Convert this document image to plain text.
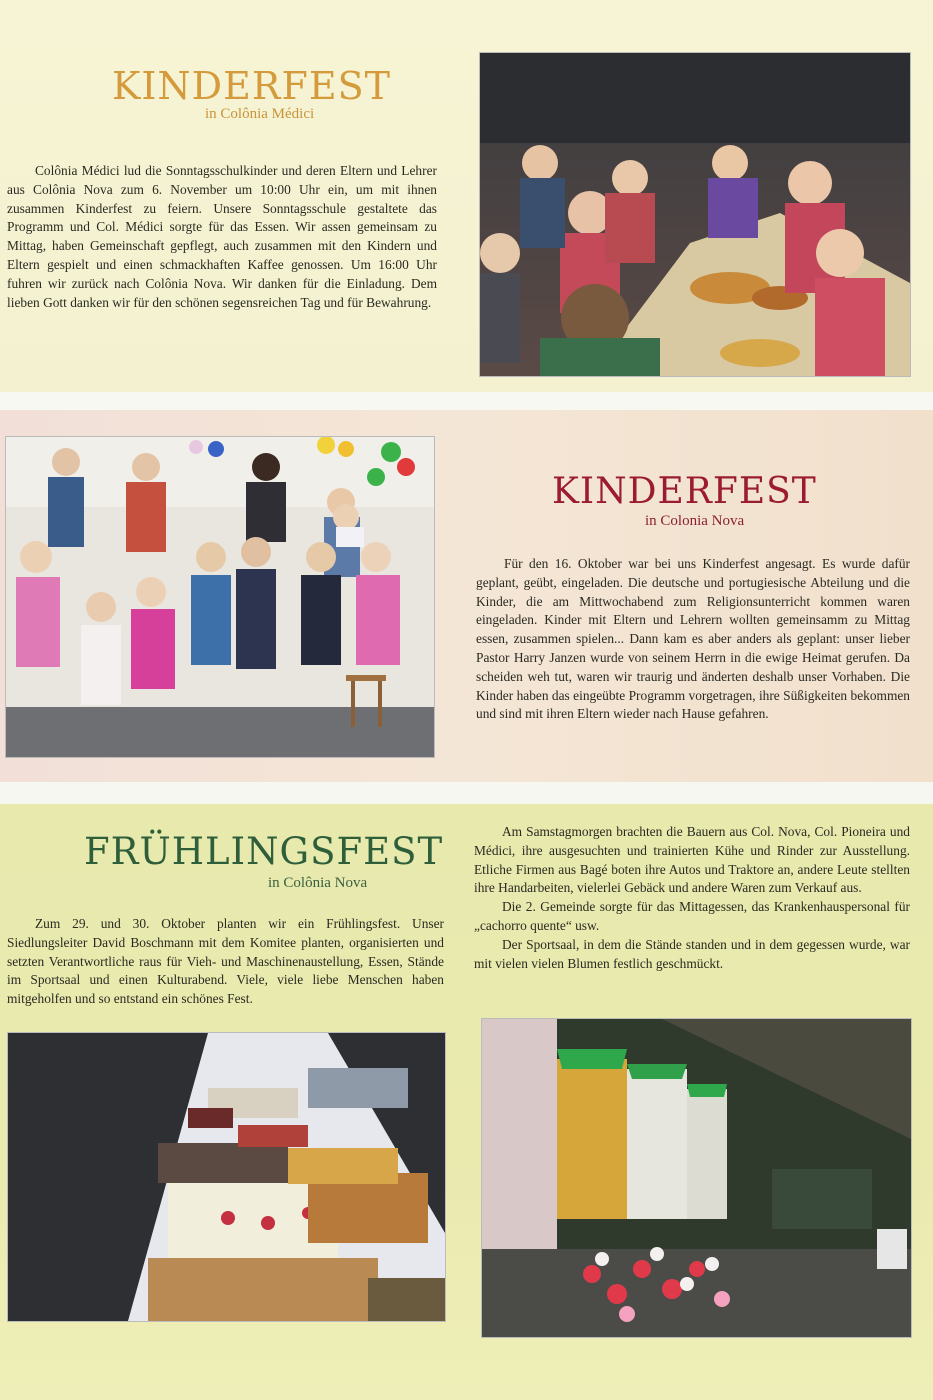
KINDERFEST
in Colônia Médici

Colônia Médici lud die Sonntagsschulkinder und deren Eltern und Lehrer aus Colônia Nova zum 6. November um 10:00 Uhr ein, um mit ihnen zusammen Kinderfest zu feiern. Unsere Sonntagsschule gestaltete das Programm und Col. Médici sorgte für das Essen. Wir assen gemeinsam zu Mittag, haben Gemeinschaft gepflegt, auch zusammen mit den Kindern und Eltern gespielt und einen schmackhaften Kaffee genossen. Um 16:00 Uhr fuhren wir zurück nach Colônia Nova. Wir danken für die Einladung. Dem lieben Gott danken wir für den schönen segensreichen Tag und für Bewahrung.

KINDERFEST
in Colonia Nova

Für den 16. Oktober war bei uns Kinderfest angesagt. Es wurde dafür geplant, geübt, eingeladen. Die deutsche und portugiesische Abteilung und die Kinder, die am Mittwochabend zum Religionsunterricht kommen waren eingeladen. Kinder mit Eltern und Lehrern wollten gemeinsamm zu Mittag essen, zusammen spielen... Dann kam es aber anders als geplant: unser lieber Pastor Harry Janzen wurde von seinem Herrn in die ewige Heimat gerufen. Da scheiden weh tut, waren wir traurig und änderten deshalb unser Vorhaben. Die Kinder haben das eingeübte Programm vorgetragen, ihre Süßigkeiten bekommen und sind mit ihren Eltern wieder nach Hause gefahren.

FRÜHLINGSFEST
in Colônia Nova

Zum 29. und 30. Oktober planten wir ein Frühlingsfest. Unser Siedlungsleiter David Boschmann mit dem Komitee planten, organisierten und setzten Verantwortliche raus für Vieh- und Maschinenaustellung, Essen, Stände im Sportsaal und einen Kulturabend. Viele, viele liebe Menschen haben mitgeholfen und so entstand ein schönes Fest.

Am Samstagmorgen brachten die Bauern aus Col. Nova, Col. Pioneira und Médici, ihre ausgesuchten und trainierten Kühe und Rinder zur Ausstellung. Etliche Firmen aus Bagé boten ihre Autos und Traktore an, andere Leute stellten ihre Handarbeiten, vielerlei Gebäck und andere Waren zum Verkauf aus.

Die 2. Gemeinde sorgte für das Mittagessen, das Krankenhauspersonal für „cachorro quente“ usw.

Der Sportsaal, in dem die Stände standen und in dem gegessen wurde, war mit vielen vielen Blumen festlich geschmückt.
